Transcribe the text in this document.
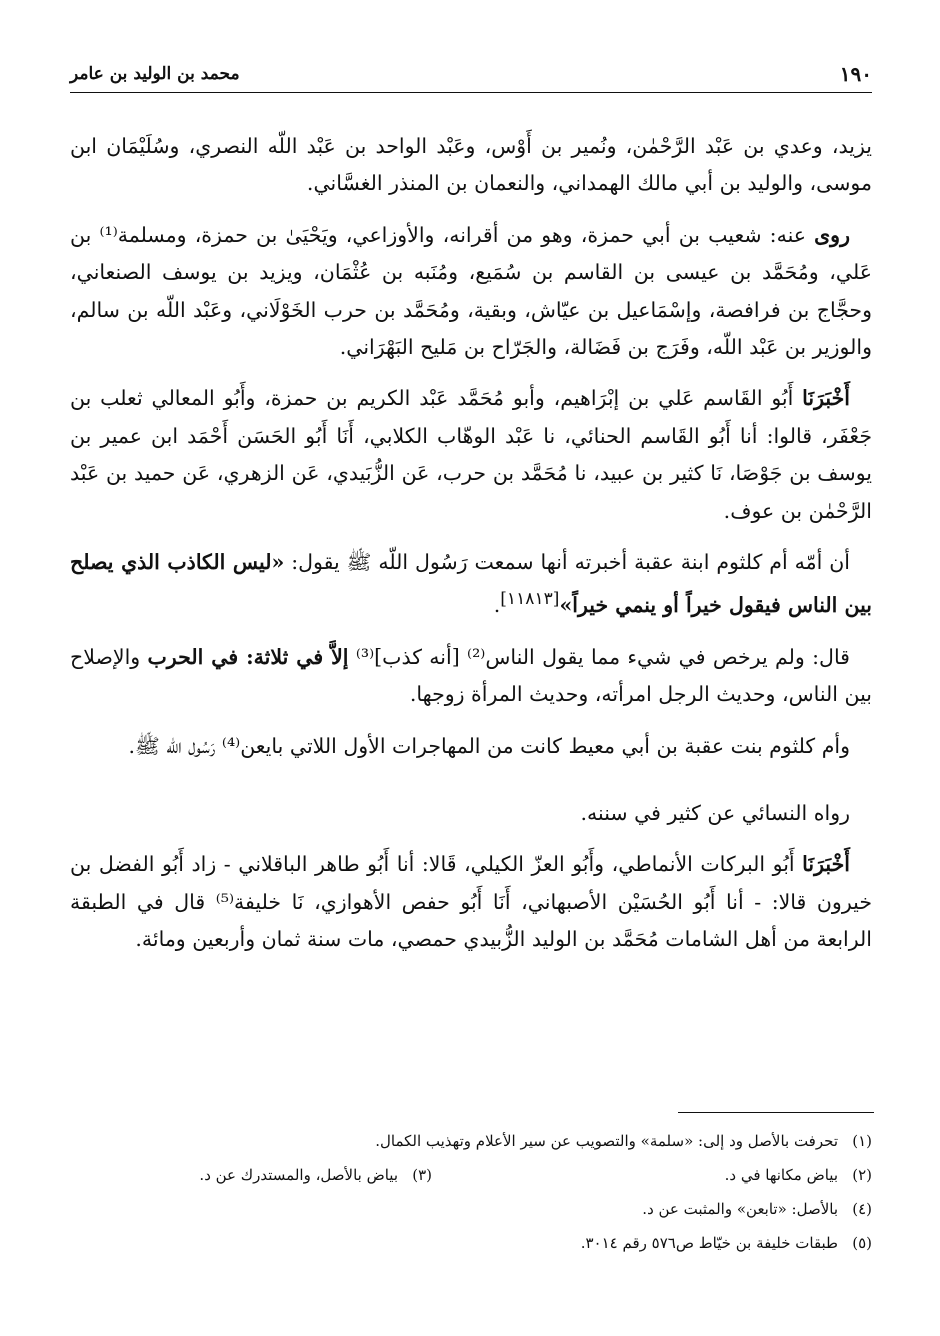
١٩٠
محمد بن الوليد بن عامر

يزيد، وعدي بن عَبْد الرَّحْمٰن، ونُمير بن أَوْس، وعَبْد الواحد بن عَبْد اللّه النصري، وسُلَيْمَان ابن موسى، والوليد بن أبي مالك الهمداني، والنعمان بن المنذر الغسَّاني.

روى عنه: شعيب بن أبي حمزة، وهو من أقرانه، والأوزاعي، ويَحْيَىٰ بن حمزة، ومسلمة⁽¹⁾ بن عَلي، ومُحَمَّد بن عيسى بن القاسم بن سُمَيع، ومُنَبه بن عُثْمَان، ويزيد بن يوسف الصنعاني، وحجَّاج بن فرافصة، وإسْمَاعيل بن عيّاش، وبقية، ومُحَمَّد بن حرب الخَوْلَاني، وعَبْد اللّه بن سالم، والوزير بن عَبْد اللّه، وفَرَج بن فَضَالة، والجَرّاح بن مَليح البَهْرَاني.

أَخْبَرَنَا أَبُو القَاسم عَلي بن إبْرَاهيم، وأبو مُحَمَّد عَبْد الكريم بن حمزة، وأَبُو المعالي ثعلب بن جَعْفَر، قالوا: أنا أَبُو القَاسم الحنائي، نا عَبْد الوهّاب الكلابي، أَنَا أَبُو الحَسَن أَحْمَد ابن عمير بن يوسف بن جَوْصَا، نَا كثير بن عبيد، نا مُحَمَّد بن حرب، عَن الزُّبَيدي، عَن الزهري، عَن حميد بن عَبْد الرَّحْمٰن بن عوف.

أن أمّه أم كلثوم ابنة عقبة أخبرته أنها سمعت رَسُول اللّه ﷺ يقول: «ليس الكاذب الذي يصلح بين الناس فيقول خيراً أو ينمي خيراً»[١١٨١٣].

قال: ولم يرخص في شيء مما يقول الناس⁽²⁾ [أنه كذب]⁽³⁾ إلاَّ في ثلاثة: في الحرب والإصلاح بين الناس، وحديث الرجل امرأته، وحديث المرأة زوجها.

وأم كلثوم بنت عقبة بن أبي معيط كانت من المهاجرات الأول اللاتي بايعن⁽⁴⁾ رَسُول اللّه ﷺ.

رواه النسائي عن كثير في سننه.

أَخْبَرَنَا أَبُو البركات الأنماطي، وأَبُو العزّ الكيلي، قَالا: أنا أَبُو طاهر الباقلاني - زاد أَبُو الفضل بن خيرون قالا: - أنا أَبُو الحُسَيْن الأصبهاني، أَنَا أَبُو حفص الأهوازي، نَا خليفة⁽⁵⁾ قال في الطبقة الرابعة من أهل الشامات مُحَمَّد بن الوليد الزُّبيدي حمصي، مات سنة ثمان وأربعين ومائة.

(١)تحرفت بالأصل ود إلى: «سلمة» والتصويب عن سير الأعلام وتهذيب الكمال.
(٢)بياض مكانها في د.
(٣)بياض بالأصل، والمستدرك عن د.
(٤)بالأصل: «تابعن» والمثبت عن د.
(٥)طبقات خليفة بن خيّاط ص٥٧٦ رقم ٣٠١٤.
